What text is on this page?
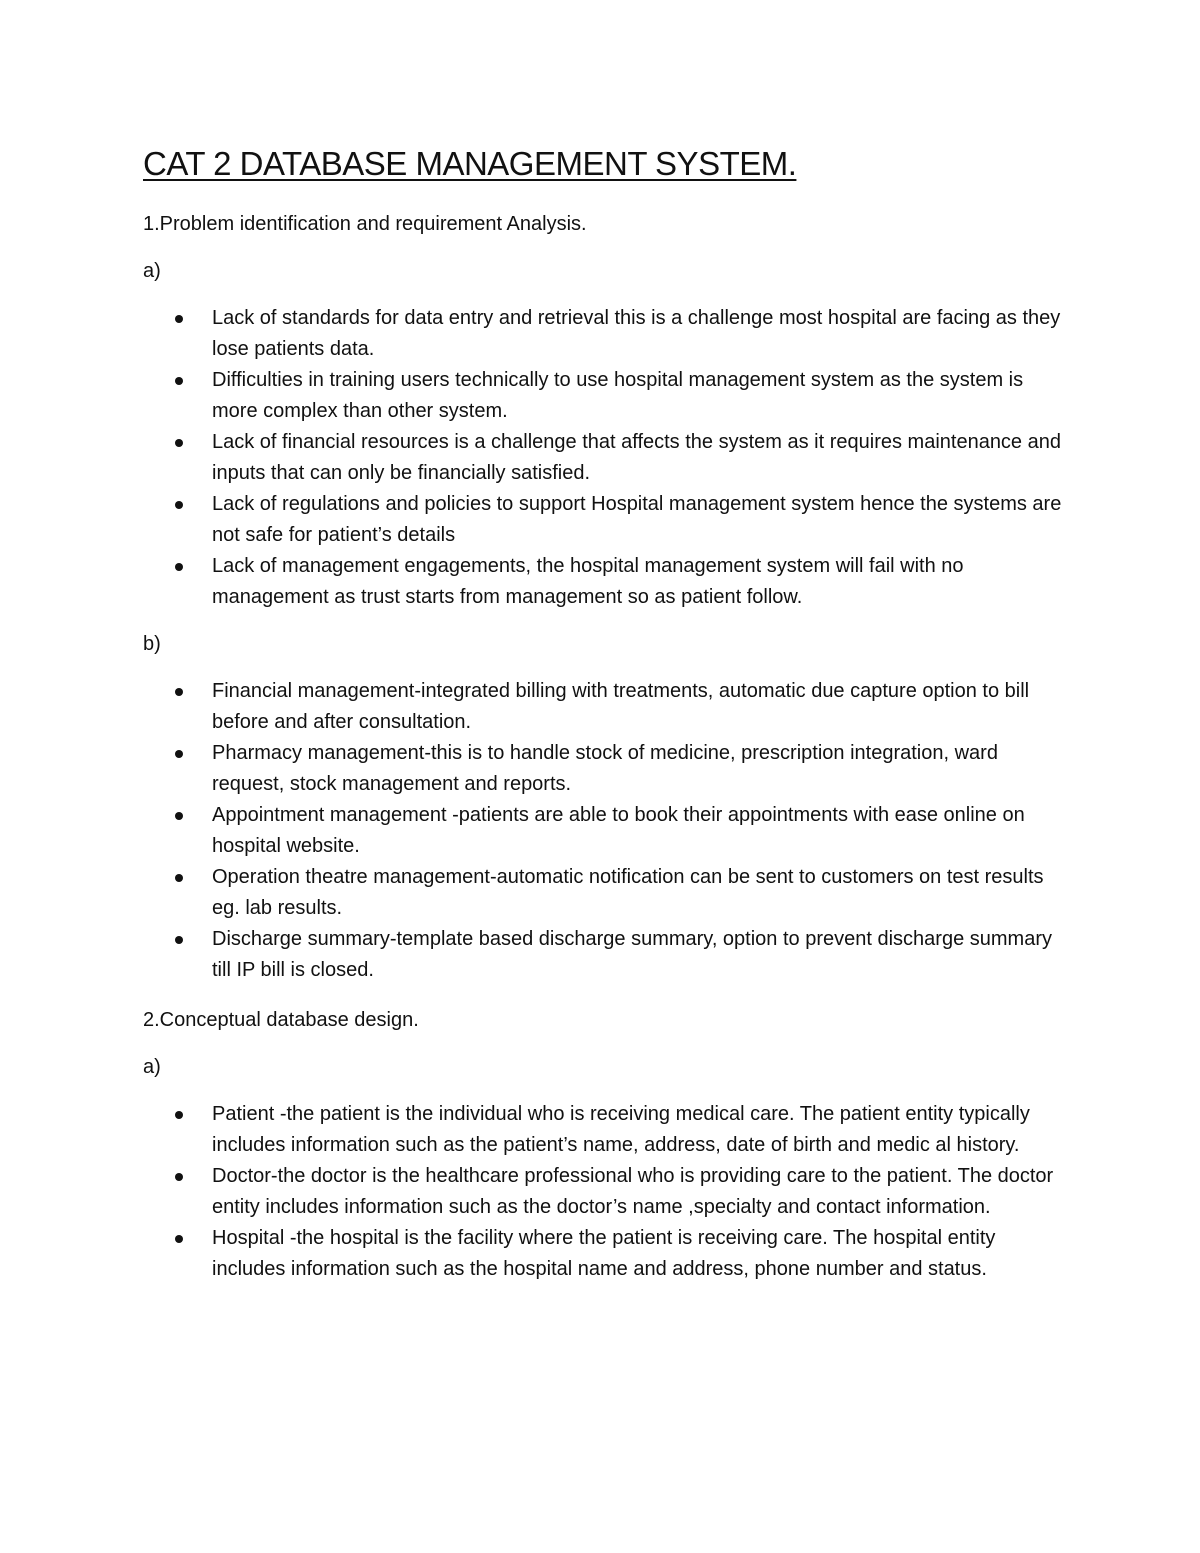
CAT 2 DATABASE MANAGEMENT SYSTEM.

1.Problem identification and requirement Analysis.

a)

Lack of standards for data entry and retrieval this is a challenge most hospital are facing as they lose patients data.
Difficulties in training users technically to use hospital management system as the system is more complex than other system.
Lack of financial resources is a challenge that affects the system as it requires maintenance and inputs that can only be financially satisfied.
Lack of regulations and policies to support Hospital management system hence the systems are not safe for patient’s details
Lack of management engagements, the hospital management system will fail with no management as trust starts from management so as patient follow.

b)

Financial management-integrated billing with treatments, automatic due capture option to bill before and after consultation.
Pharmacy management-this is to handle stock of medicine, prescription integration, ward request, stock management and reports.
Appointment management -patients are able to book their appointments with ease online on hospital website.
Operation theatre management-automatic notification can be sent to customers on test results eg. lab results.
Discharge summary-template based discharge summary, option to prevent discharge summary till IP bill is closed.

2.Conceptual database design.

a)

Patient -the patient is the individual who is receiving medical care. The patient entity typically includes information such as the patient’s name, address, date of birth and medic al history.
Doctor-the doctor is the healthcare professional who is providing care to the patient. The doctor entity includes information such as the doctor’s name ,specialty and contact information.
Hospital -the hospital is the facility where the patient is receiving care. The hospital entity includes information such as the hospital name and address, phone number and status.
